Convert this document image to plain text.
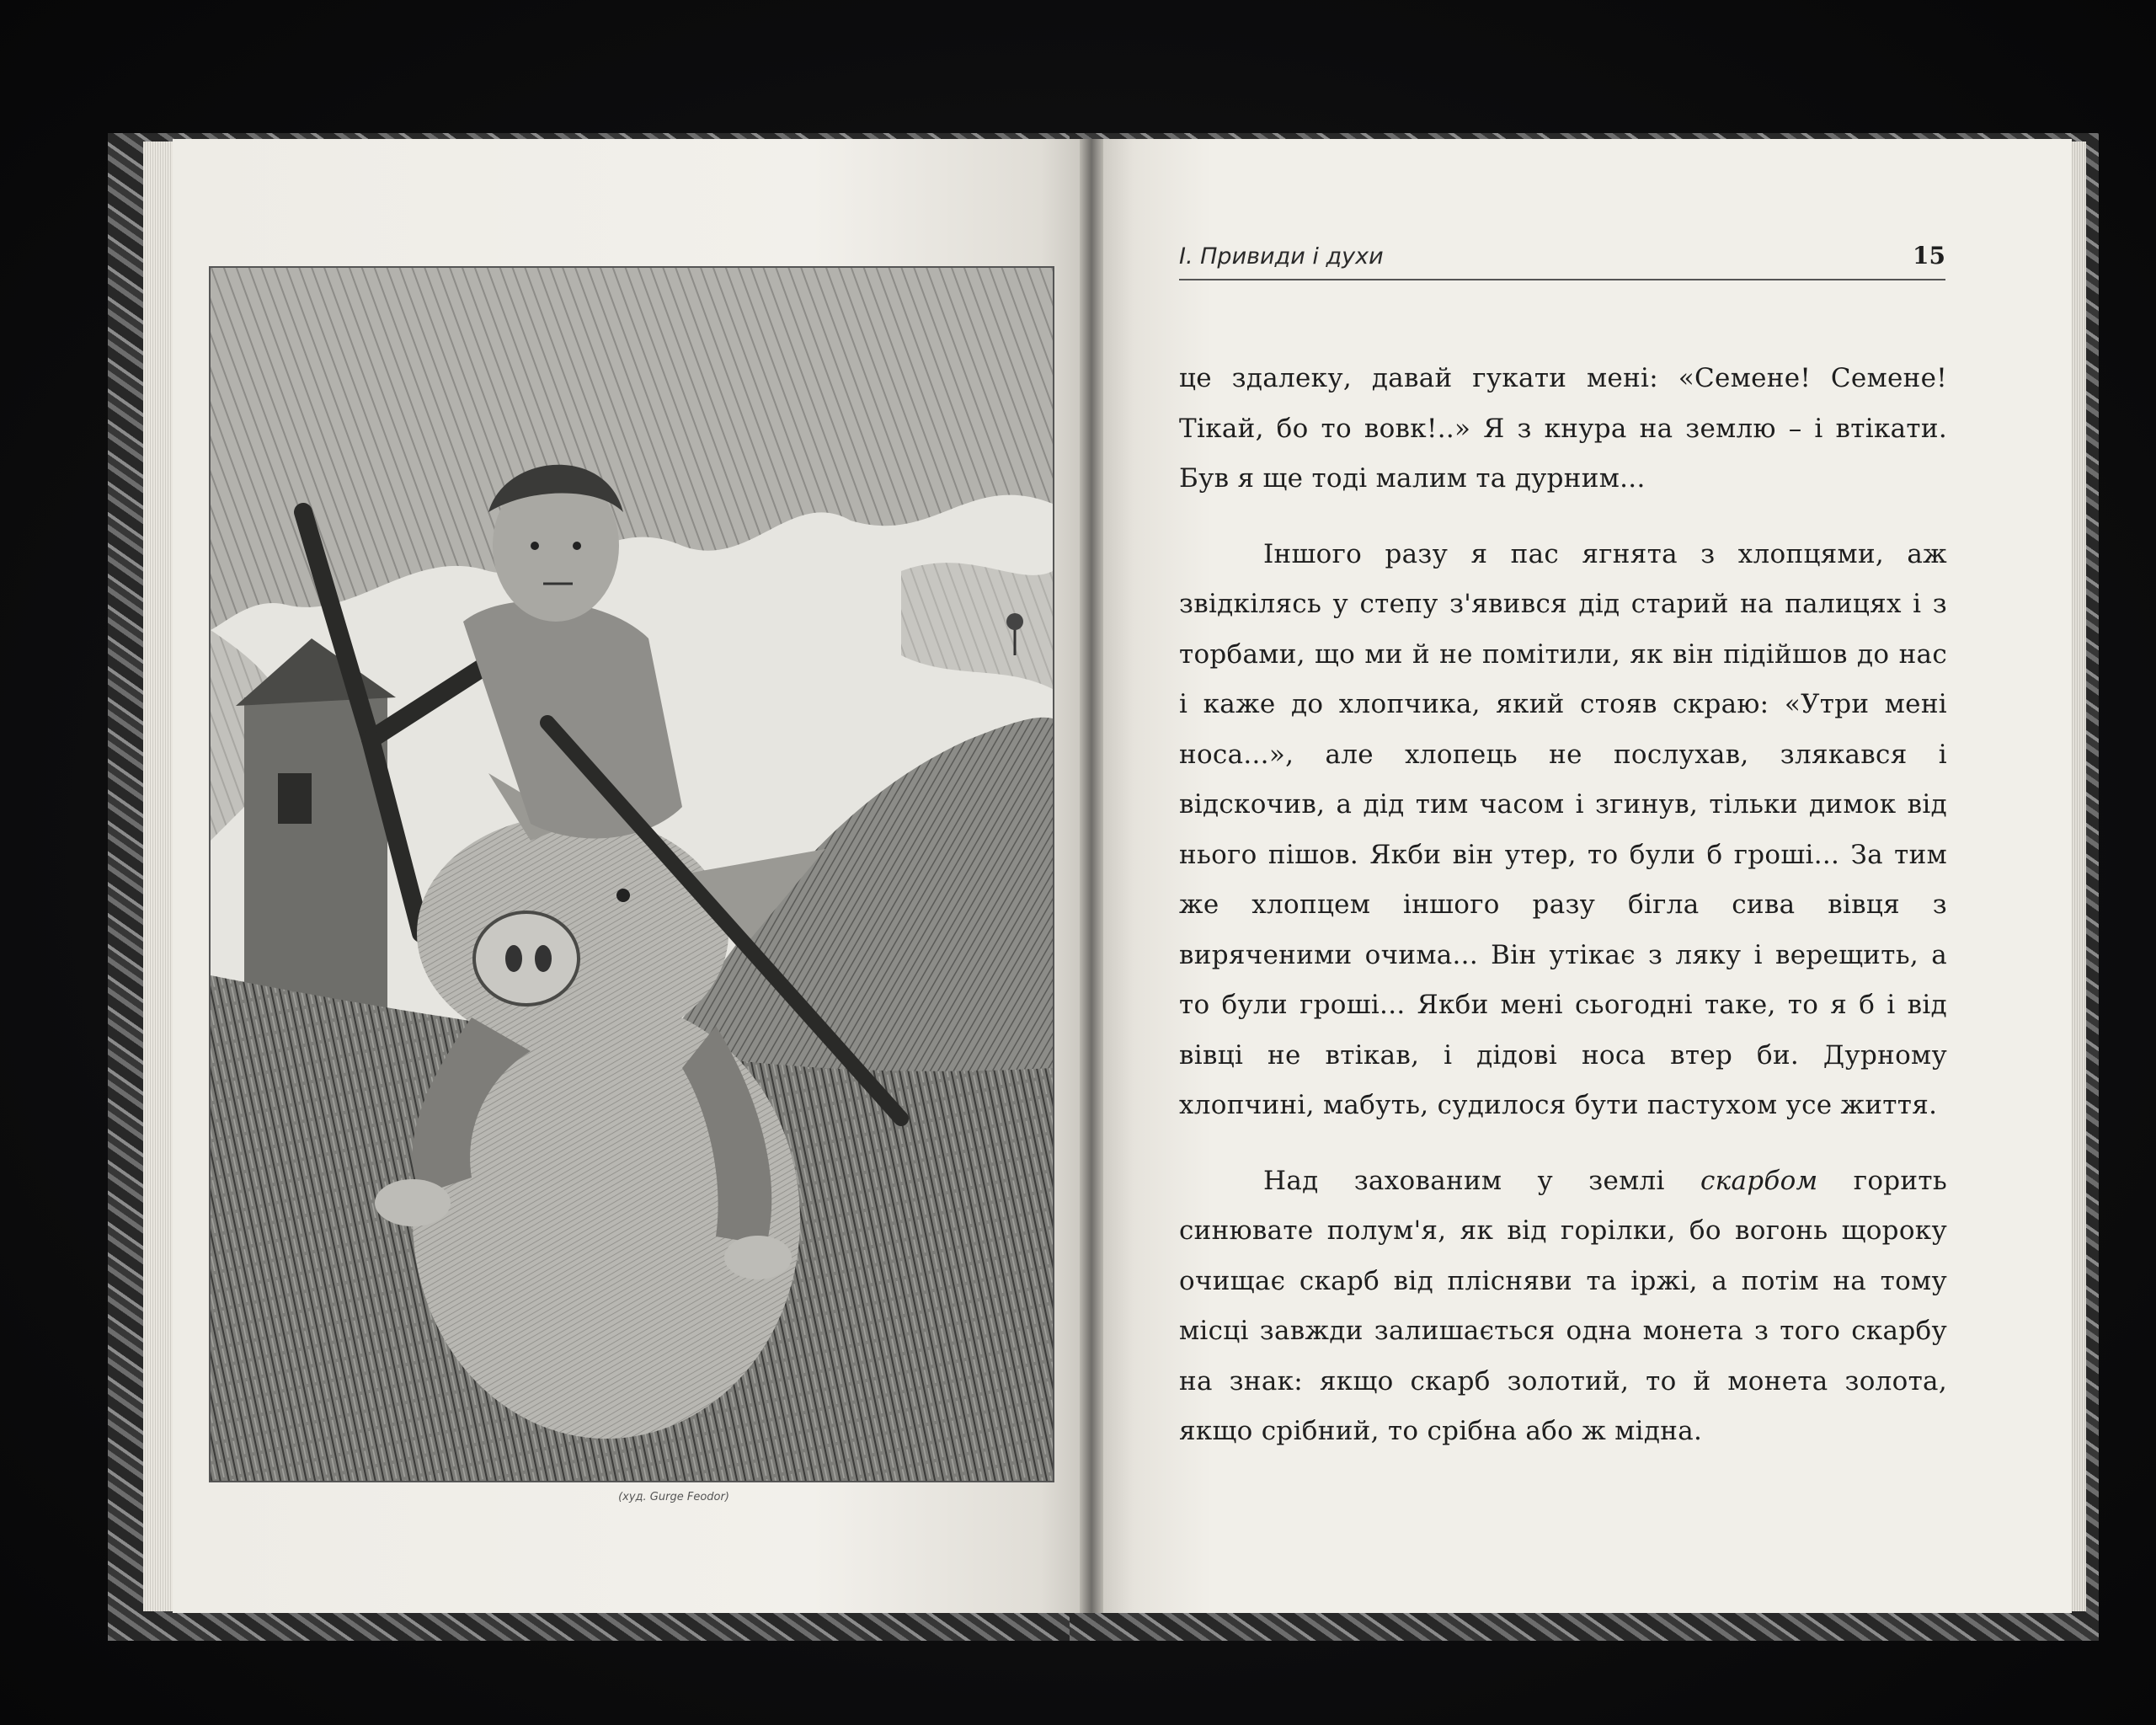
(худ. Gurge Feodor)
І. Привиди і духи	15

це здалеку, давай гукати мені: «Семене! Семене! Тікай, бо то вовк!..» Я з кнура на землю – і втікати. Був я ще тоді малим та дурним...

Іншого разу я пас ягнята з хлопцями, аж звідкілясь у степу з'явився дід старий на палицях і з торбами, що ми й не помітили, як він підійшов до нас і каже до хлопчика, який стояв скраю: «Утри мені носа...», але хлопець не послухав, злякався і відскочив, а дід тим часом і згинув, тільки димок від нього пішов. Якби він утер, то були б гроші... За тим же хлопцем іншого разу бігла сива вівця з виряченими очима... Він утікає з ляку і верещить, а то були гроші... Якби мені сьогодні таке, то я б і від вівці не втікав, і дідові носа втер би. Дурному хлопчині, мабуть, судилося бути пастухом усе життя.

Над захованим у землі скарбом горить синювате полум'я, як від горілки, бо вогонь щороку очищає скарб від плісняви та іржі, а потім на тому місці завжди залишається одна монета з того скарбу на знак: якщо скарб золотий, то й монета золота, якщо срібний, то срібна або ж мідна.
